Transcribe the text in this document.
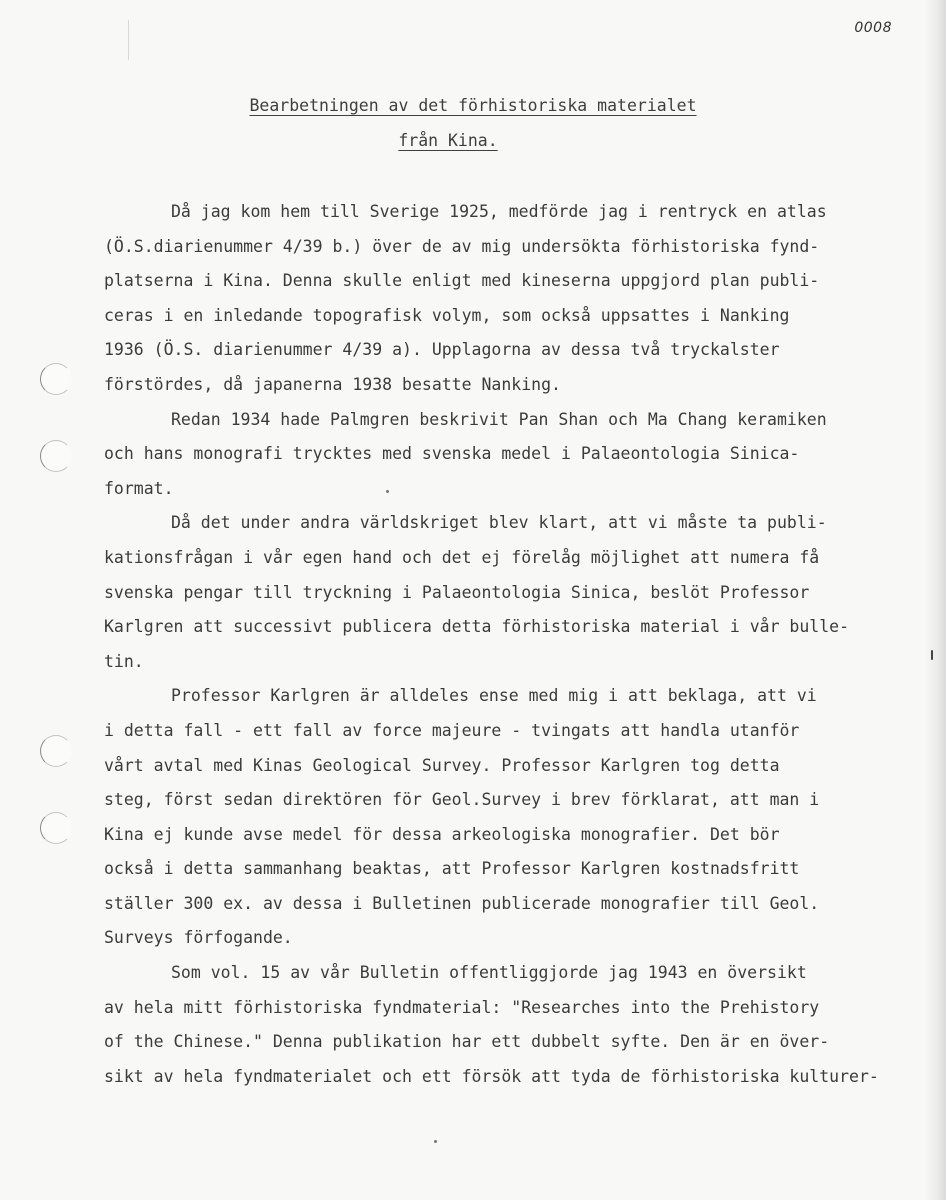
0008
Bearbetningen av det förhistoriska materialet
från Kina.
Då jag kom hem till Sverige 1925, medförde jag i rentryck en atlas
(Ö.S.diarienummer 4/39 b.) över de av mig undersökta förhistoriska fynd-
platserna i Kina. Denna skulle enligt med kineserna uppgjord plan publi-
ceras i en inledande topografisk volym, som också uppsattes i Nanking
1936 (Ö.S. diarienummer 4/39 a). Upplagorna av dessa två tryckalster
förstördes, då japanerna 1938 besatte Nanking.
Redan 1934 hade Palmgren beskrivit Pan Shan och Ma Chang keramiken
och hans monografi trycktes med svenska medel i Palaeontologia Sinica-
format.
Då det under andra världskriget blev klart, att vi måste ta publi-
kationsfrågan i vår egen hand och det ej förelåg möjlighet att numera få
svenska pengar till tryckning i Palaeontologia Sinica, beslöt Professor
Karlgren att successivt publicera detta förhistoriska material i vår bulle-
tin.
Professor Karlgren är alldeles ense med mig i att beklaga, att vi
i detta fall - ett fall av force majeure - tvingats att handla utanför
vårt avtal med Kinas Geological Survey. Professor Karlgren tog detta
steg, först sedan direktören för Geol.Survey i brev förklarat, att man i
Kina ej kunde avse medel för dessa arkeologiska monografier. Det bör
också i detta sammanhang beaktas, att Professor Karlgren kostnadsfritt
ställer 300 ex. av dessa i Bulletinen publicerade monografier till Geol.
Surveys förfogande.
Som vol. 15 av vår Bulletin offentliggjorde jag 1943 en översikt
av hela mitt förhistoriska fyndmaterial: "Researches into the Prehistory
of the Chinese." Denna publikation har ett dubbelt syfte. Den är en över-
sikt av hela fyndmaterialet och ett försök att tyda de förhistoriska kulturer-
